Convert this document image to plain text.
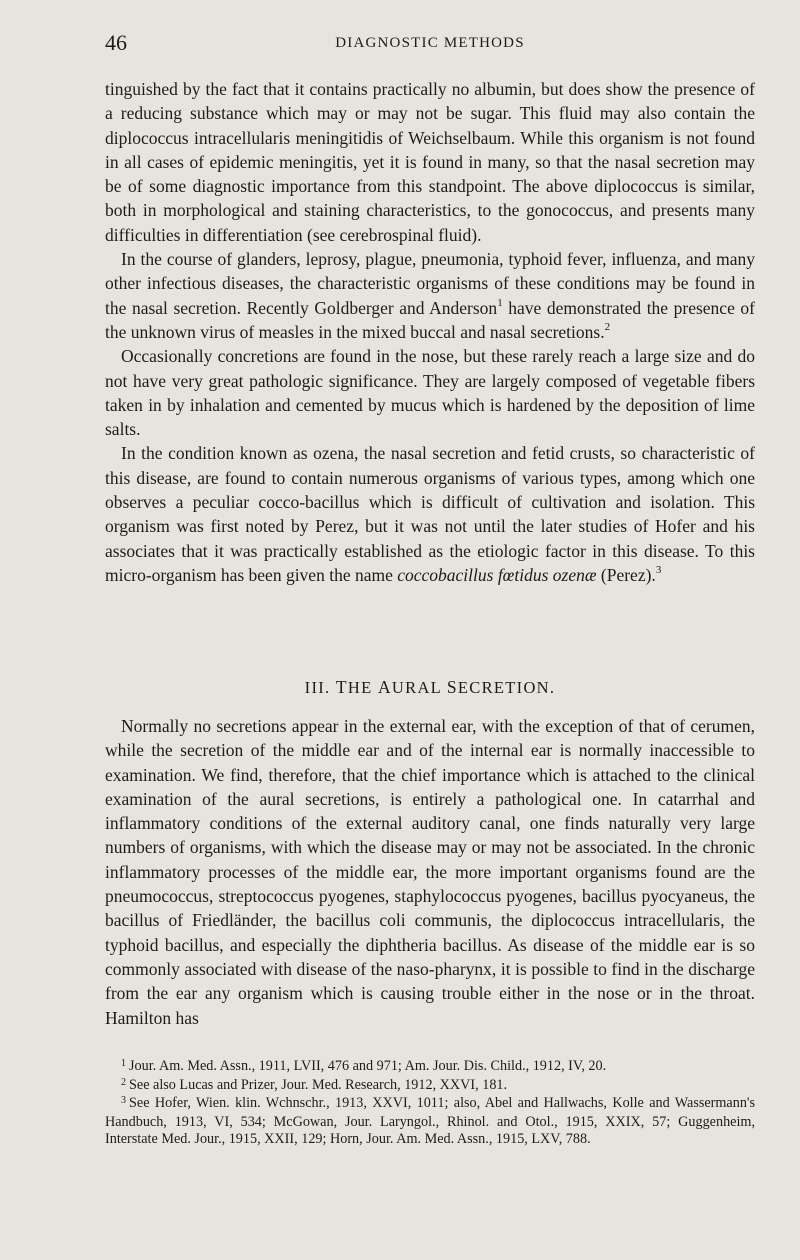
46	DIAGNOSTIC METHODS

tinguished by the fact that it contains practically no albumin, but does show the presence of a reducing substance which may or may not be sugar. This fluid may also contain the diplococcus intracellularis meningitidis of Weichselbaum. While this organism is not found in all cases of epidemic meningitis, yet it is found in many, so that the nasal secretion may be of some diagnostic importance from this standpoint. The above diplococcus is similar, both in morphological and staining characteristics, to the gonococcus, and presents many difficulties in differentiation (see cerebrospinal fluid).

In the course of glanders, leprosy, plague, pneumonia, typhoid fever, influenza, and many other infectious diseases, the characteristic organisms of these conditions may be found in the nasal secretion. Recently Goldberger and Anderson$^1$ have demonstrated the presence of the unknown virus of measles in the mixed buccal and nasal secretions.$^2$

Occasionally concretions are found in the nose, but these rarely reach a large size and do not have very great pathologic significance. They are largely composed of vegetable fibers taken in by inhalation and cemented by mucus which is hardened by the deposition of lime salts.

In the condition known as ozena, the nasal secretion and fetid crusts, so characteristic of this disease, are found to contain numerous organisms of various types, among which one observes a peculiar cocco-bacillus which is difficult of cultivation and isolation. This organism was first noted by Perez, but it was not until the later studies of Hofer and his associates that it was practically established as the etiologic factor in this disease. To this micro-organism has been given the name coccobacillus fœtidus ozenæ (Perez).$^3$

III. THE AURAL SECRETION.

Normally no secretions appear in the external ear, with the exception of that of cerumen, while the secretion of the middle ear and of the internal ear is normally inaccessible to examination. We find, therefore, that the chief importance which is attached to the clinical examination of the aural secretions, is entirely a pathological one. In catarrhal and inflammatory conditions of the external auditory canal, one finds naturally very large numbers of organisms, with which the disease may or may not be associated. In the chronic inflammatory processes of the middle ear, the more important organisms found are the pneumococcus, streptococcus pyogenes, staphylococcus pyogenes, bacillus pyocyaneus, the bacillus of Friedländer, the bacillus coli communis, the diplococcus intracellularis, the typhoid bacillus, and especially the diphtheria bacillus. As disease of the middle ear is so commonly associated with disease of the naso-pharynx, it is possible to find in the discharge from the ear any organism which is causing trouble either in the nose or in the throat. Hamilton has

$^1$ Jour. Am. Med. Assn., 1911, LVII, 476 and 971; Am. Jour. Dis. Child., 1912, IV, 20.

$^2$ See also Lucas and Prizer, Jour. Med. Research, 1912, XXVI, 181.

$^3$ See Hofer, Wien. klin. Wchnschr., 1913, XXVI, 1011; also, Abel and Hallwachs, Kolle and Wassermann's Handbuch, 1913, VI, 534; McGowan, Jour. Laryngol., Rhinol. and Otol., 1915, XXIX, 57; Guggenheim, Interstate Med. Jour., 1915, XXII, 129; Horn, Jour. Am. Med. Assn., 1915, LXV, 788.
